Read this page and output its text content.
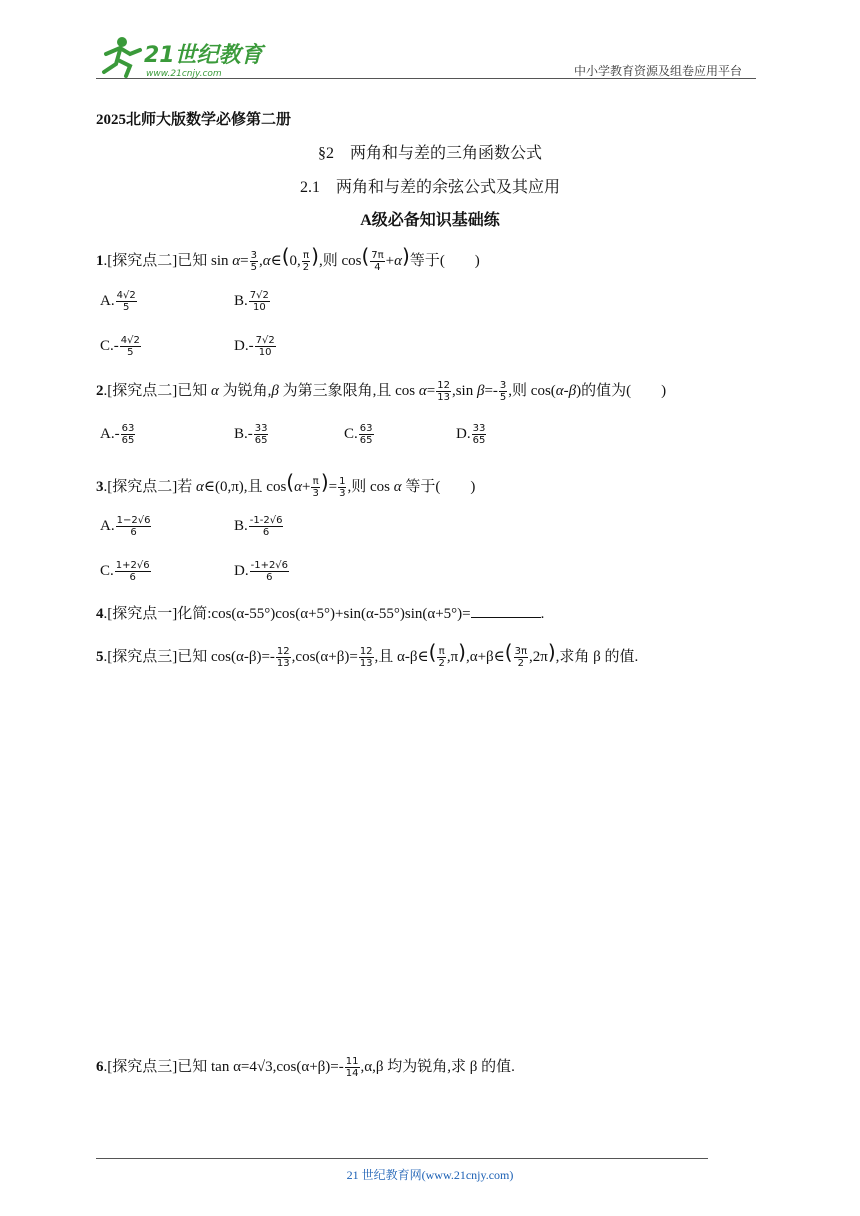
21世纪教育
www.21cnjy.com	中小学教育资源及组卷应用平台
2025北师大版数学必修第二册
§2　两角和与差的三角函数公式
2.1　两角和与差的余弦公式及其应用
A级必备知识基础练
1.[探究点二]已知 $\sin \alpha= \frac{3}{5}$ ,α∈(0, $\frac{\pi}{2}$ ),则 $\cos( \frac{7\pi}{4} +\alpha)$等于(　　)
A. $\frac{4√2}{5}$	B. $\frac{7√2}{10}$
$C.- \frac{4√2}{5}$	$D.- \frac{7√2}{10}$
2.[探究点二]已知 α 为锐角,β 为第三象限角,且 $\cos \alpha= \frac{12}{13} ,\sin$ $\beta=- \frac{3}{5}$ ,则 cos(α-β)的值为(　　)
$A.- \frac{63}{65}$	$B.- \frac{33}{65}$	C. $\frac{63}{65}$	D. $\frac{33}{65}$
3.[探究点二]若 α∈(0,π),且 $\cos(\alpha+ \frac{\pi}{3}$ )= $\frac{1}{3}$ ,则 cos α 等于(　　)
A. $\frac{1-2√6}{6}$	B. $\frac{-1-2√6}{6}$
C. $\frac{1+2√6}{6}$	D. $\frac{-1+2√6}{6}$
4.[探究点一]化简:cos(α-55°)cos(α+5°)+sin(α-55°)sin(α+5°)=	.
5.[探究点三]已知 $\cos(\alpha-\beta)=- \frac{12}{13} ,\cos(\alpha+\beta)= \frac{12}{13}$ ,且 α-β∈( $\frac{\pi}{2}$ ,π),α+β∈( $\frac{3\pi}{2} ,2\pi$),求角 β 的值.
6.[探究点三]已知 $\tan \alpha=4√3,\cos(\alpha+\beta)=- \frac{11}{14} ,\alpha,\beta$ 均为锐角,求 β 的值.
21 世纪教育网(www.21cnjy.com)
